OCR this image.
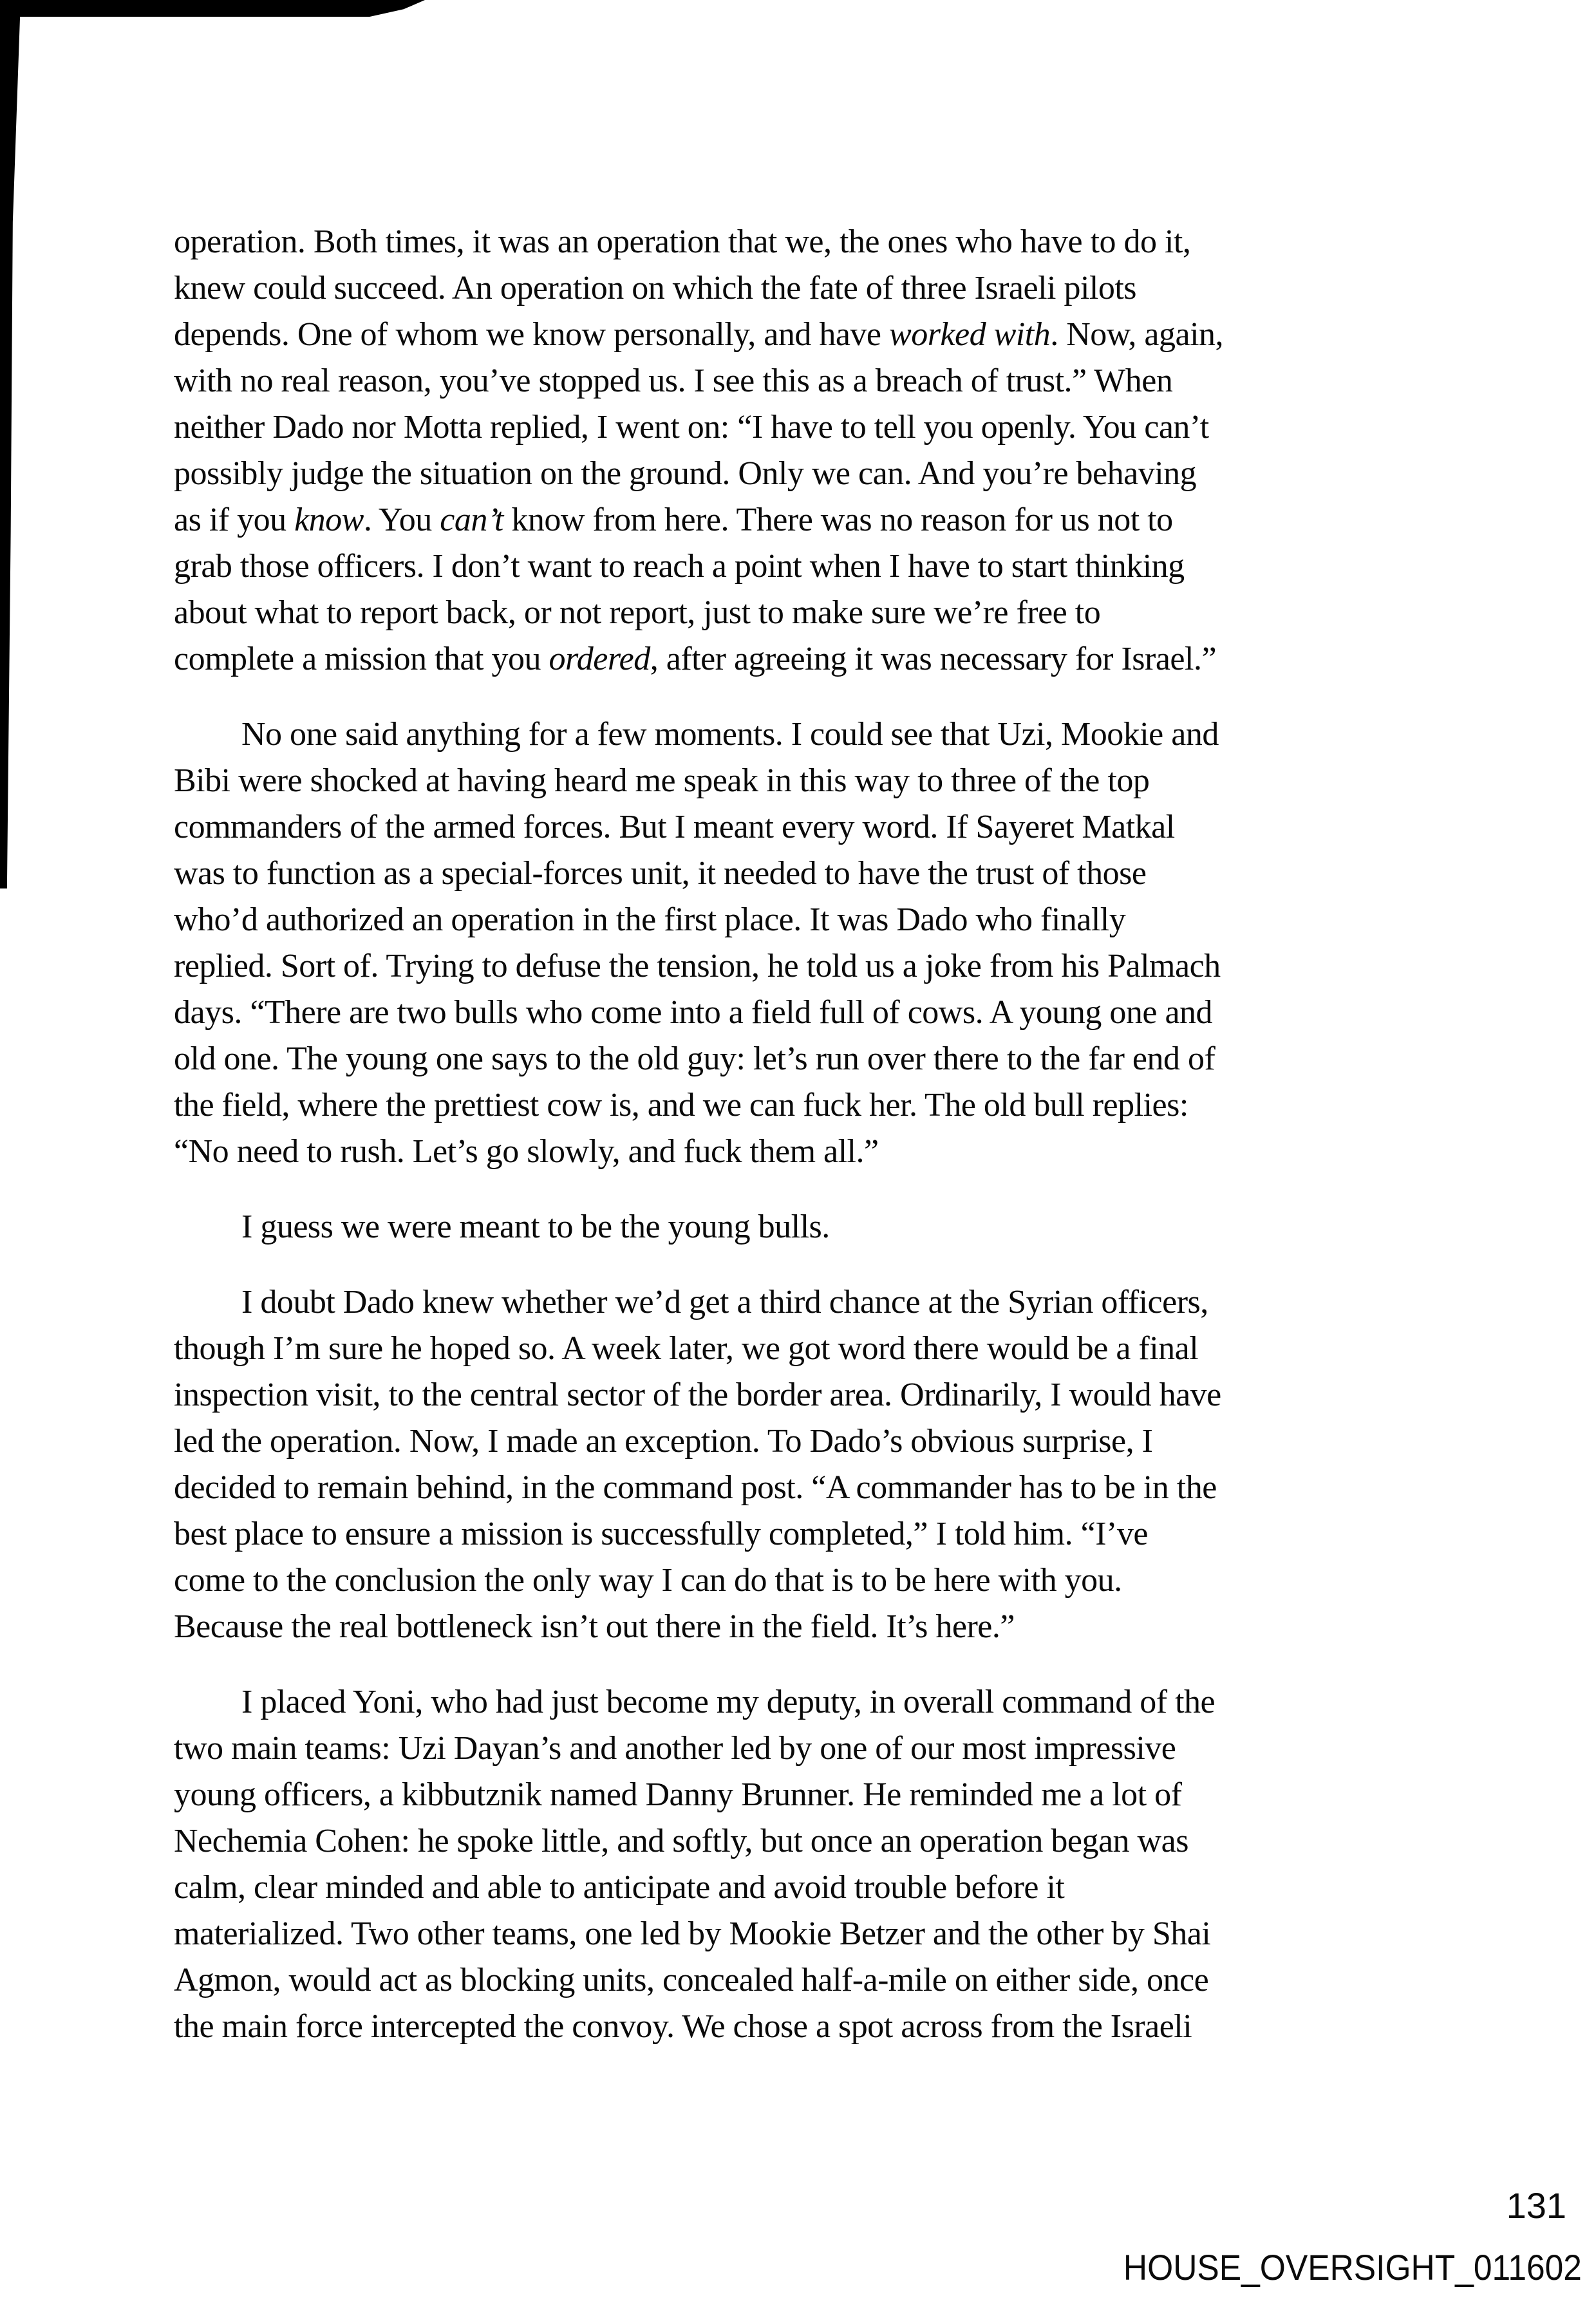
operation. Both times, it was an operation that we, the ones who have to do it,
knew could succeed. An operation on which the fate of three Israeli pilots
depends. One of whom we know personally, and have worked with. Now, again,
with no real reason, you’ve stopped us. I see this as a breach of trust.” When
neither Dado nor Motta replied, I went on: “I have to tell you openly. You can’t
possibly judge the situation on the ground. Only we can. And you’re behaving
as if you know. You can’t know from here. There was no reason for us not to
grab those officers. I don’t want to reach a point when I have to start thinking
about what to report back, or not report, just to make sure we’re free to
complete a mission that you ordered, after agreeing it was necessary for Israel.”
No one said anything for a few moments. I could see that Uzi, Mookie and
Bibi were shocked at having heard me speak in this way to three of the top
commanders of the armed forces. But I meant every word. If Sayeret Matkal
was to function as a special-forces unit, it needed to have the trust of those
who’d authorized an operation in the first place. It was Dado who finally
replied. Sort of. Trying to defuse the tension, he told us a joke from his Palmach
days. “There are two bulls who come into a field full of cows. A young one and
old one. The young one says to the old guy: let’s run over there to the far end of
the field, where the prettiest cow is, and we can fuck her. The old bull replies:
“No need to rush. Let’s go slowly, and fuck them all.”
I guess we were meant to be the young bulls.
I doubt Dado knew whether we’d get a third chance at the Syrian officers,
though I’m sure he hoped so. A week later, we got word there would be a final
inspection visit, to the central sector of the border area. Ordinarily, I would have
led the operation. Now, I made an exception. To Dado’s obvious surprise, I
decided to remain behind, in the command post. “A commander has to be in the
best place to ensure a mission is successfully completed,” I told him. “I’ve
come to the conclusion the only way I can do that is to be here with you.
Because the real bottleneck isn’t out there in the field. It’s here.”
I placed Yoni, who had just become my deputy, in overall command of the
two main teams: Uzi Dayan’s and another led by one of our most impressive
young officers, a kibbutznik named Danny Brunner. He reminded me a lot of
Nechemia Cohen: he spoke little, and softly, but once an operation began was
calm, clear minded and able to anticipate and avoid trouble before it
materialized. Two other teams, one led by Mookie Betzer and the other by Shai
Agmon, would act as blocking units, concealed half-a-mile on either side, once
the main force intercepted the convoy. We chose a spot across from the Israeli
131
HOUSE_OVERSIGHT_011602
